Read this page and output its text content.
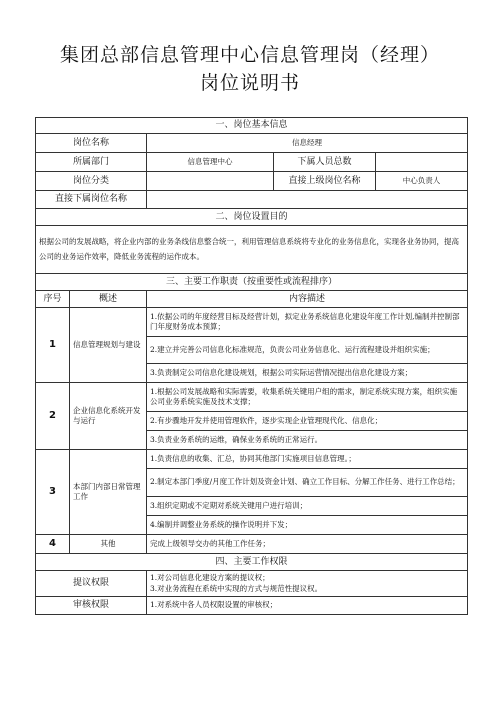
集团总部信息管理中心信息管理岗（经理）
岗位说明书
一、岗位基本信息				
岗位名称		信息经理		
所属部门		信息管理中心	下属人员总数	
岗位分类			直接上级岗位名称	中心负责人
直接下属岗位名称				
二、岗位设置目的				
根据公司的发展战略，将企业内部的业务条线信息整合统一，利用管理信息系统将专业化的业务信息化，实现各业务协同，提高公司的业务运作效率，降低业务流程的运作成本。				
三、主要工作职责（按重要性或流程排序）				
序号	概述	内容描述		
1	信息管理规划与建设	1.依据公司的年度经营目标及经营计划，拟定业务系统信息化建设年度工作计划,编制并控制部门年度财务成本预算；		
		2.建立并完善公司信息化标准规范，负责公司业务信息化、运行流程建设并组织实施；		
		3.负责制定公司信息化建设规划，根据公司实际运营情况提出信息化建设方案；		
2	企业信息化系统开发与运行	1.根据公司发展战略和实际需要，收集系统关键用户组的需求，制定系统实现方案，组织实施公司业务系统实施及技术支撑；		
		2.有步骤地开发并使用管理软件，逐步实现企业管理现代化、信息化；		
		3.负责业务系统的运维，确保业务系统的正常运行。		
3	本部门内部日常管理工作	1.负责信息的收集、汇总，协同其他部门实施项目信息管理。；		
		2.制定本部门季度/月度工作计划及资金计划、确立工作目标、分解工作任务、进行工作总结；		
		3.组织定期或不定期对系统关键用户进行培训；		
		4.编制并调整业务系统的操作说明并下发；		
4	其他	完成上级领导交办的其他工作任务；		
四、主要工作权限				
提议权限		1.对公司信息化建设方案的提议权；
3.对业务流程在系统中实现的方式与规范性提议权。		

审核权限		1.对系统中各人员权限设置的审核权；		
